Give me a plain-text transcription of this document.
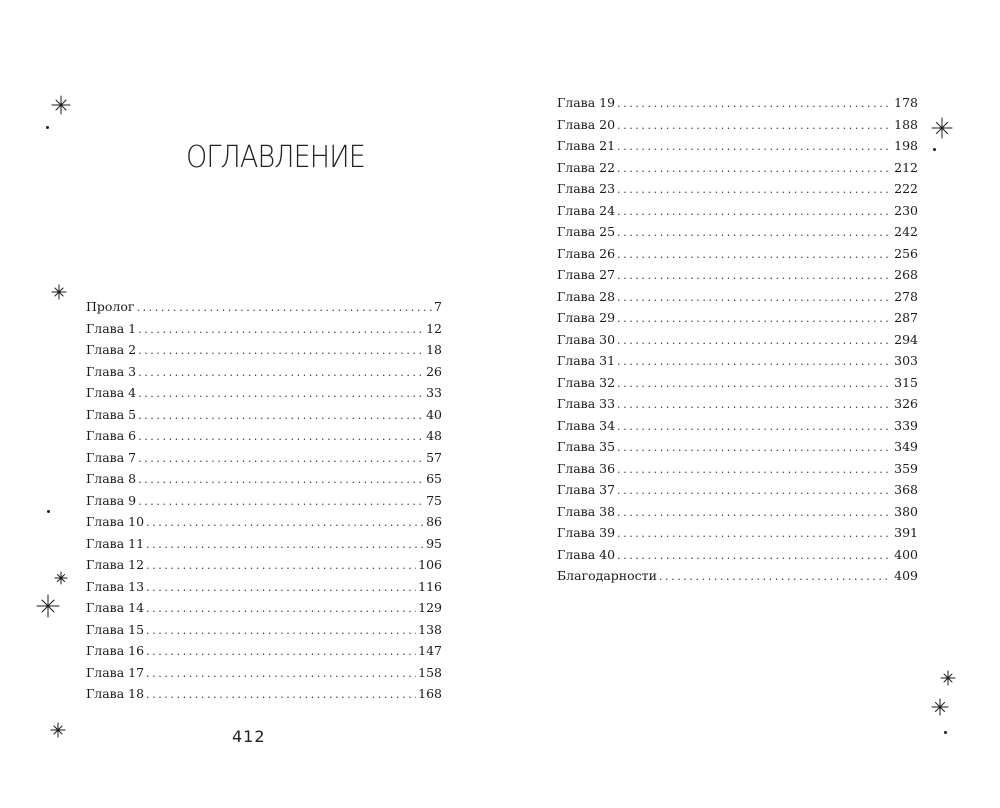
ОГЛАВЛЕНИЕ
Пролог .....	7
Глава 1 .....	12
Глава 2 .....	18
Глава 3 .....	26
Глава 4 .....	33
Глава 5 .....	40
Глава 6 .....	48
Глава 7 .....	57
Глава 8 .....	65
Глава 9 .....	75
Глава 10 .....	86
Глава 11 .....	95
Глава 12 .....	106
Глава 13 .....	116
Глава 14 .....	129
Глава 15 .....	138
Глава 16 .....	147
Глава 17 .....	158
Глава 18 .....	168
412
Глава 19 .....	178
Глава 20 .....	188
Глава 21 .....	198
Глава 22 .....	212
Глава 23 .....	222
Глава 24 .....	230
Глава 25 .....	242
Глава 26 .....	256
Глава 27 .....	268
Глава 28 .....	278
Глава 29 .....	287
Глава 30 .....	294
Глава 31 .....	303
Глава 32 .....	315
Глава 33 .....	326
Глава 34 .....	339
Глава 35 .....	349
Глава 36 .....	359
Глава 37 .....	368
Глава 38 .....	380
Глава 39 .....	391
Глава 40 .....	400
Благодарности .....	409
